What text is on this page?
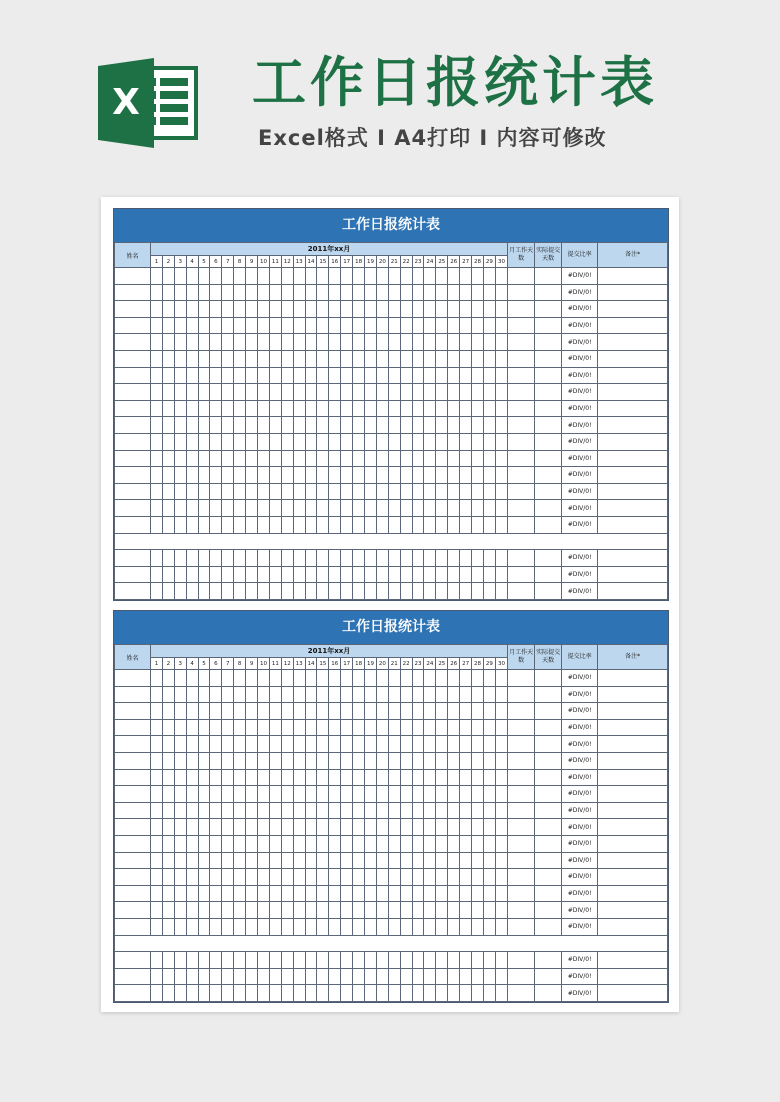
X 工作日报统计表
Excel格式 I A4打印 I 内容可修改
工作日报统计表
姓名	2011年xx月																														月工作天数	实际提交天数	提交比率	备注*
	1	2	3	4	5	6	7	8	9	10	11	12	13	14	15	16	17	18	19	20	21	22	23	24	25	26	27	28	29	30				
																																	#DIV/0!	
																																	#DIV/0!	
																																	#DIV/0!	
																																	#DIV/0!	
																																	#DIV/0!	
																																	#DIV/0!	
																																	#DIV/0!	
																																	#DIV/0!	
																																	#DIV/0!	
																																	#DIV/0!	
																																	#DIV/0!	
																																	#DIV/0!	
																																	#DIV/0!	
																																	#DIV/0!	
																																	#DIV/0!	
																																	#DIV/0!	

																																	#DIV/0!	
																																	#DIV/0!	
																																	#DIV/0!	
工作日报统计表
姓名	2011年xx月																														月工作天数	实际提交天数	提交比率	备注*
	1	2	3	4	5	6	7	8	9	10	11	12	13	14	15	16	17	18	19	20	21	22	23	24	25	26	27	28	29	30				
																																	#DIV/0!	
																																	#DIV/0!	
																																	#DIV/0!	
																																	#DIV/0!	
																																	#DIV/0!	
																																	#DIV/0!	
																																	#DIV/0!	
																																	#DIV/0!	
																																	#DIV/0!	
																																	#DIV/0!	
																																	#DIV/0!	
																																	#DIV/0!	
																																	#DIV/0!	
																																	#DIV/0!	
																																	#DIV/0!	
																																	#DIV/0!	

																																	#DIV/0!	
																																	#DIV/0!	
																																	#DIV/0!	
